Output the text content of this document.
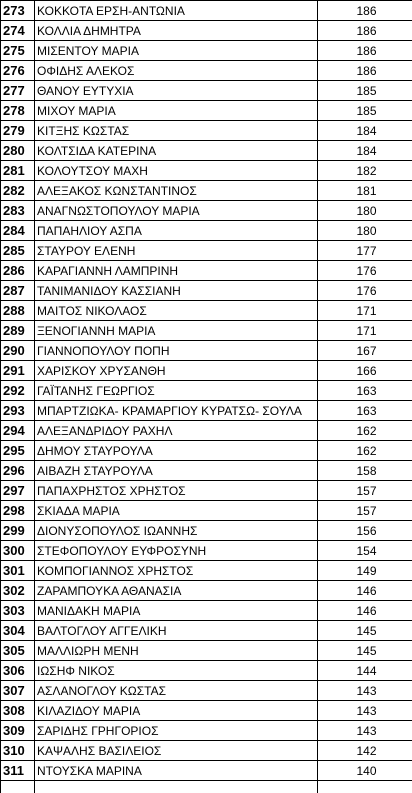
273	ΚΟΚΚΟΤΑ ΕΡΣΗ-ΑΝΤΩΝΙΑ	186
274	ΚΟΛΛΙΑ ΔΗΜΗΤΡΑ	186
275	ΜΙΣΕΝΤΟΥ ΜΑΡΙΑ	186
276	ΟΦΙΔΗΣ ΑΛΕΚΟΣ	186
277	ΘΑΝΟΥ ΕΥΤΥΧΙΑ	185
278	ΜΙΧΟΥ ΜΑΡΙΑ	185
279	ΚΙΤΞΗΣ ΚΩΣΤΑΣ	184
280	ΚΟΛΤΣΙΔΑ ΚΑΤΕΡΙΝΑ	184
281	ΚΟΛΟΥΤΣΟΥ ΜΑΧΗ	182
282	ΑΛΕΞΑΚΟΣ ΚΩΝΣΤΑΝΤΙΝΟΣ	181
283	ΑΝΑΓΝΩΣΤΟΠΟΥΛΟΥ ΜΑΡΙΑ	180
284	ΠΑΠΑΗΛΙΟΥ ΑΣΠΑ	180
285	ΣΤΑΥΡΟΥ ΕΛΕΝΗ	177
286	ΚΑΡΑΓΙΑΝΝΗ ΛΑΜΠΡΙΝΗ	176
287	ΤΑΝΙΜΑΝΙΔΟΥ ΚΑΣΣΙΑΝΗ	176
288	ΜΑΙΤΟΣ ΝΙΚΟΛΑΟΣ	171
289	ΞΕΝΟΓΙΑΝΝΗ ΜΑΡΙΑ	171
290	ΓΙΑΝΝΟΠΟΥΛΟΥ ΠΟΠΗ	167
291	ΧΑΡΙΣΚΟΥ ΧΡΥΣΑΝΘΗ	166
292	ΓΑΪΤΑΝΗΣ ΓΕΩΡΓΙΟΣ	163
293	ΜΠΑΡΤΖΙΩΚΑ- ΚΡΑΜΑΡΓΙΟΥ ΚΥΡΑΤΣΩ- ΣΟΥΛΑ	163
294	ΑΛΕΞΑΝΔΡΙΔΟΥ ΡΑΧΗΛ	162
295	ΔΗΜΟΥ ΣΤΑΥΡΟΥΛΑ	162
296	ΑΙΒΑΖΗ ΣΤΑΥΡΟΥΛΑ	158
297	ΠΑΠΑΧΡΗΣΤΟΣ ΧΡΗΣΤΟΣ	157
298	ΣΚΙΑΔΑ ΜΑΡΙΑ	157
299	ΔΙΟΝΥΣΟΠΟΥΛΟΣ ΙΩΑΝΝΗΣ	156
300	ΣΤΕΦΟΠΟΥΛΟΥ ΕΥΦΡΟΣΥΝΗ	154
301	ΚΟΜΠΟΓΙΑΝΝΟΣ ΧΡΗΣΤΟΣ	149
302	ΖΑΡΑΜΠΟΥΚΑ ΑΘΑΝΑΣΙΑ	146
303	ΜΑΝΙΔΑΚΗ ΜΑΡΙΑ	146
304	ΒΑΛΤΟΓΛΟΥ ΑΓΓΕΛΙΚΗ	145
305	ΜΑΛΛΙΩΡΗ ΜΕΝΗ	145
306	ΙΩΣΗΦ ΝΙΚΟΣ	144
307	ΑΣΛΑΝΟΓΛΟΥ ΚΩΣΤΑΣ	143
308	ΚΙΛΑΖΙΔΟΥ ΜΑΡΙΑ	143
309	ΣΑΡΙΔΗΣ ΓΡΗΓΟΡΙΟΣ	143
310	ΚΑΨΑΛΗΣ ΒΑΣΙΛΕΙΟΣ	142
311	ΝΤΟΥΣΚΑ ΜΑΡΙΝΑ	140
